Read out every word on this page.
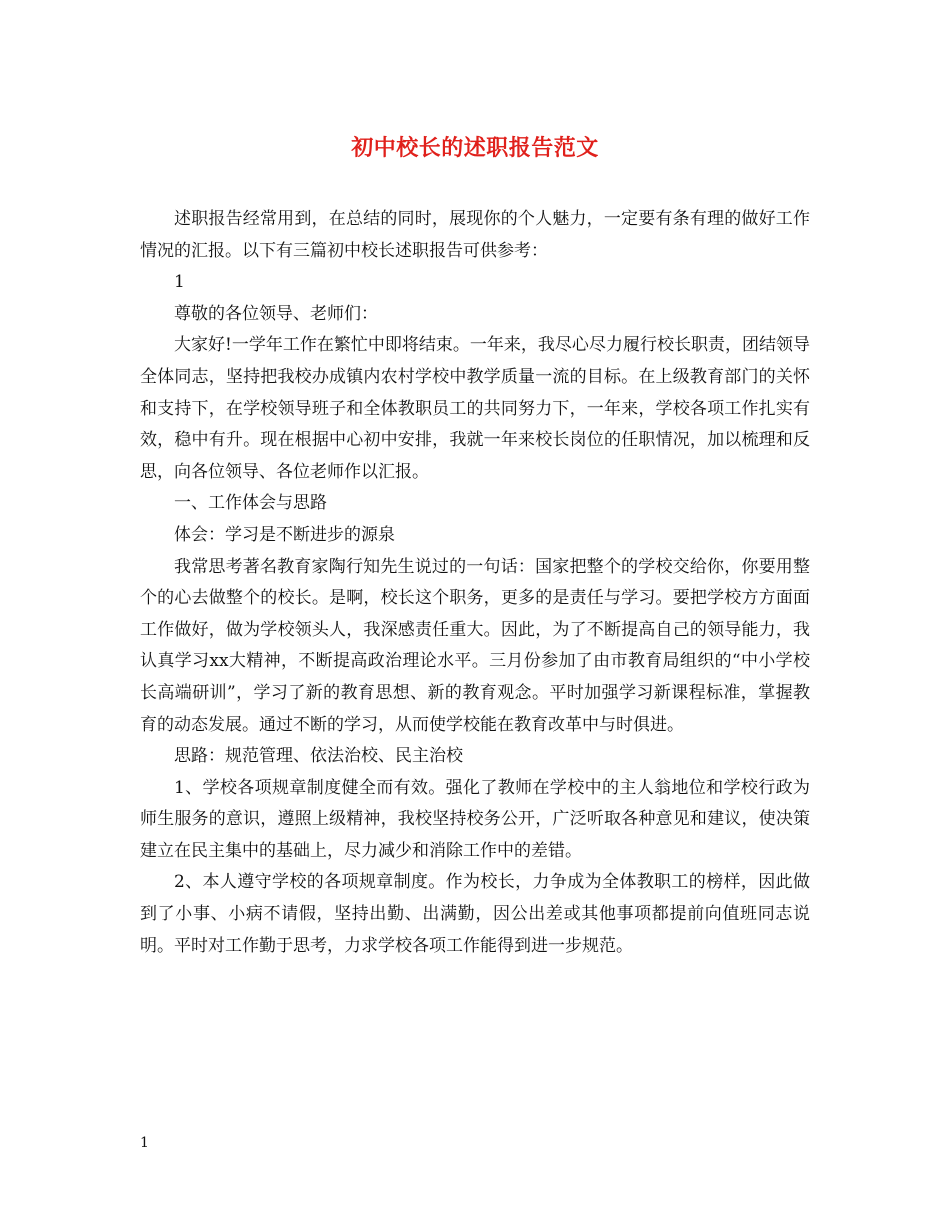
初中校长的述职报告范文

述职报告经常用到，在总结的同时，展现你的个人魅力，一定要有条有理的做好工作情况的汇报。以下有三篇初中校长述职报告可供参考：

1

尊敬的各位领导、老师们：

大家好!一学年工作在繁忙中即将结束。一年来，我尽心尽力履行校长职责，团结领导全体同志，坚持把我校办成镇内农村学校中教学质量一流的目标。在上级教育部门的关怀和支持下，在学校领导班子和全体教职员工的共同努力下，一年来，学校各项工作扎实有效，稳中有升。现在根据中心初中安排，我就一年来校长岗位的任职情况，加以梳理和反思，向各位领导、各位老师作以汇报。

一、工作体会与思路

体会：学习是不断进步的源泉

我常思考著名教育家陶行知先生说过的一句话：国家把整个的学校交给你，你要用整个的心去做整个的校长。是啊，校长这个职务，更多的是责任与学习。要把学校方方面面工作做好，做为学校领头人，我深感责任重大。因此，为了不断提高自己的领导能力，我认真学习xx大精神，不断提高政治理论水平。三月份参加了由市教育局组织的“中小学校长高端研训”，学习了新的教育思想、新的教育观念。平时加强学习新课程标准，掌握教育的动态发展。通过不断的学习，从而使学校能在教育改革中与时俱进。

思路：规范管理、依法治校、民主治校

1、学校各项规章制度健全而有效。强化了教师在学校中的主人翁地位和学校行政为师生服务的意识，遵照上级精神，我校坚持校务公开，广泛听取各种意见和建议，使决策建立在民主集中的基础上，尽力减少和消除工作中的差错。

2、本人遵守学校的各项规章制度。作为校长，力争成为全体教职工的榜样，因此做到了小事、小病不请假，坚持出勤、出满勤，因公出差或其他事项都提前向值班同志说明。平时对工作勤于思考，力求学校各项工作能得到进一步规范。

1
